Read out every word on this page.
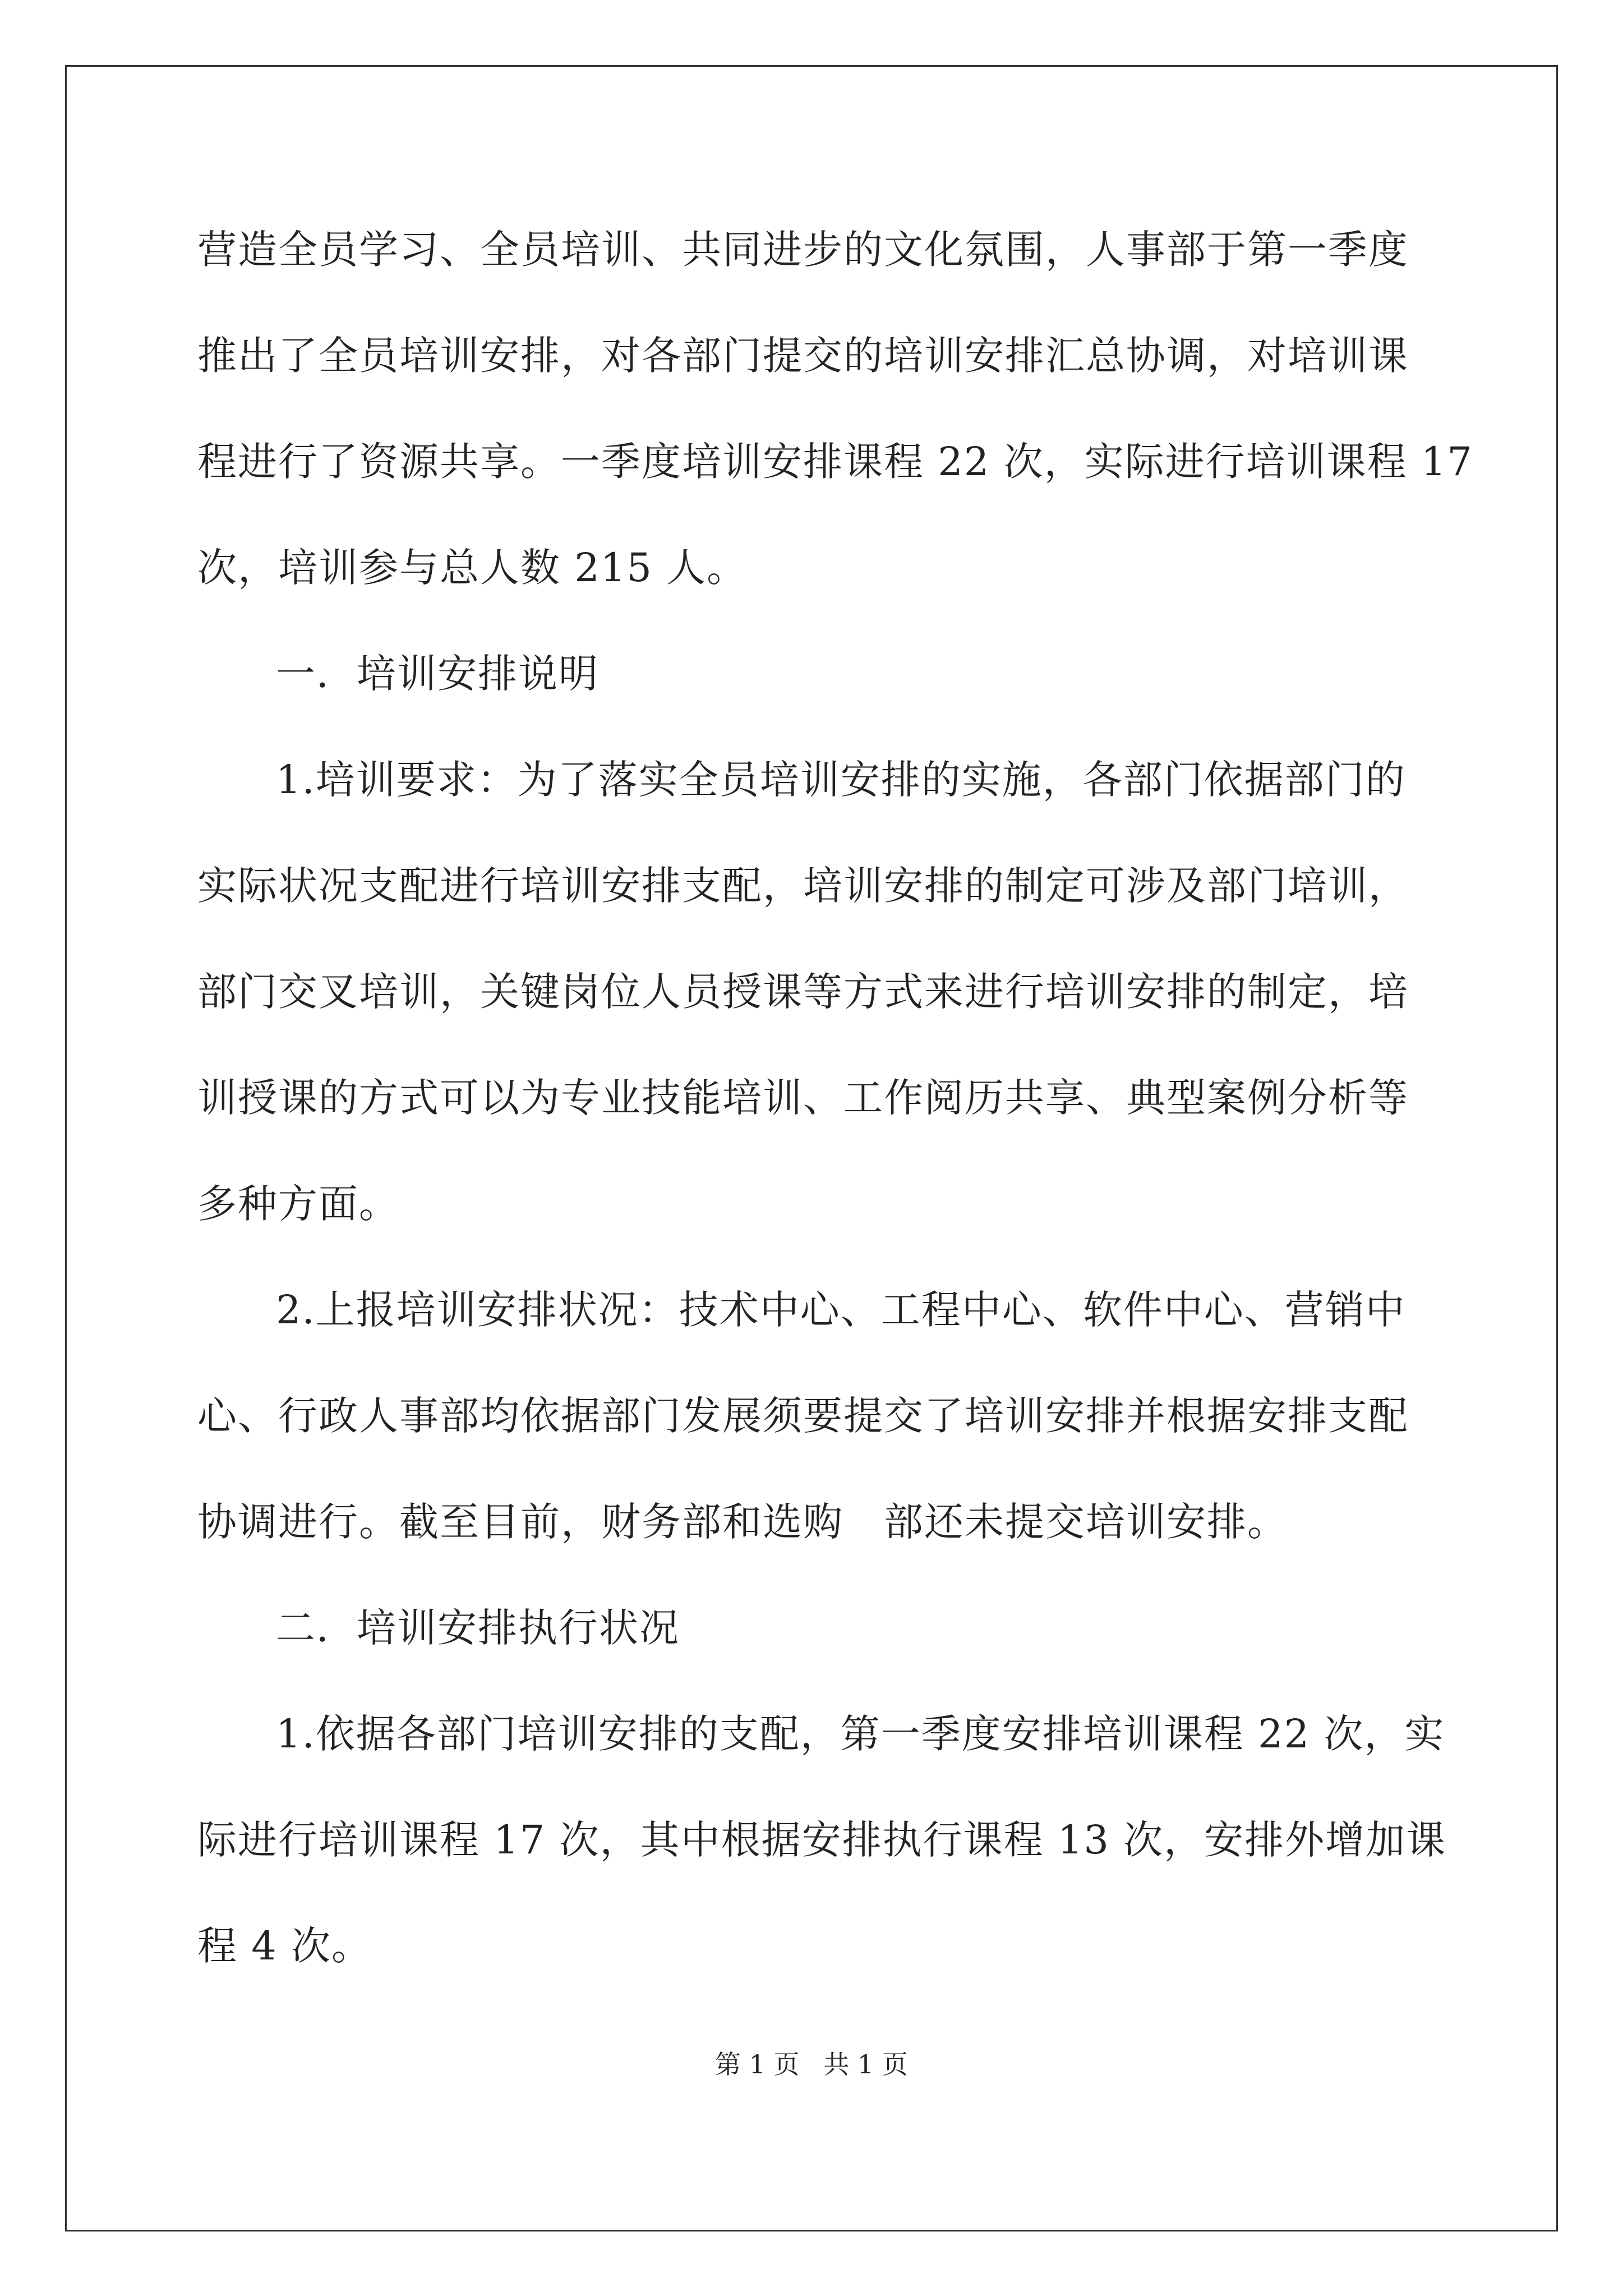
营造全员学习、全员培训、共同进步的文化氛围，人事部于第一季度
推出了全员培训安排，对各部门提交的培训安排汇总协调，对培训课
程进行了资源共享。一季度培训安排课程 22 次，实际进行培训课程 17
次，培训参与总人数 215 人。
一．培训安排说明
1.培训要求：为了落实全员培训安排的实施，各部门依据部门的
实际状况支配进行培训安排支配，培训安排的制定可涉及部门培训，
部门交叉培训，关键岗位人员授课等方式来进行培训安排的制定，培
训授课的方式可以为专业技能培训、工作阅历共享、典型案例分析等
多种方面。
2.上报培训安排状况：技术中心、工程中心、软件中心、营销中
心、行政人事部均依据部门发展须要提交了培训安排并根据安排支配
协调进行。截至目前，财务部和选购　部还未提交培训安排。
二．培训安排执行状况
1.依据各部门培训安排的支配，第一季度安排培训课程 22 次，实
际进行培训课程 17 次，其中根据安排执行课程 13 次，安排外增加课
程 4 次。
第 1 页 共 1 页
